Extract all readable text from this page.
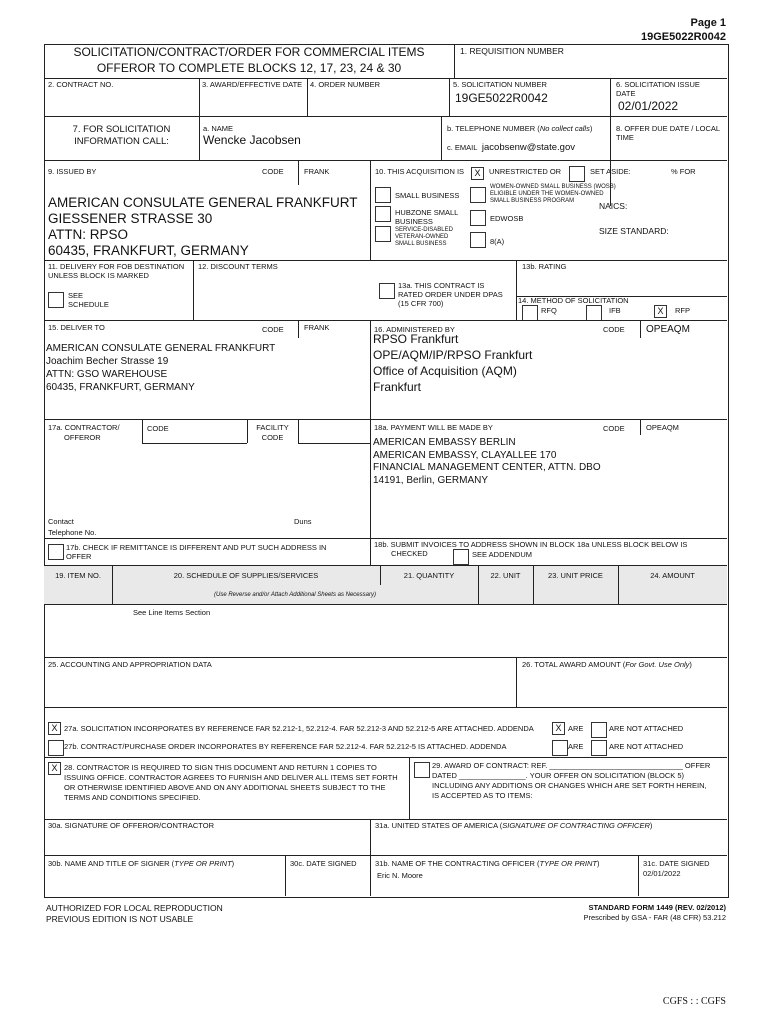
Page 1
19GE5022R0042
SOLICITATION/CONTRACT/ORDER FOR COMMERCIAL ITEMS
OFFEROR TO COMPLETE BLOCKS 12, 17, 23, 24 & 30
1. REQUISITION NUMBER
2. CONTRACT NO.	3. AWARD/EFFECTIVE DATE 4. ORDER NUMBER	5. SOLICITATION NUMBER
19GE5022R0042
6. SOLICITATION ISSUE
DATE
02/01/2022
7. FOR SOLICITATION
INFORMATION CALL:
a. NAME
Wencke Jacobsen
b. TELEPHONE NUMBER (No collect calls)
c. EMAIL jacobsenw@state.gov
8. OFFER DUE DATE / LOCAL
TIME
9. ISSUED BY	CODE	FRANK
AMERICAN CONSULATE GENERAL FRANKFURT
GIESSENER STRASSE 30
ATTN: RPSO
60435, FRANKFURT, GERMANY
10. THIS ACQUISITION IS	X	UNRESTRICTED OR	SET ASIDE:	% FOR
SMALL BUSINESS
WOMEN-OWNED SMALL BUSINESS (WOSB)
ELIGIBLE UNDER THE WOMEN-OWNED
SMALL BUSINESS PROGRAM	NAICS:
HUBZONE SMALL
BUSINESS	EDWOSB
SERVICE-DISABLED
VETERAN-OWNED
SMALL BUSINESS
SIZE STANDARD:
8(A)
11. DELIVERY FOR FOB DESTINATION
UNLESS BLOCK IS MARKED
SEE
SCHEDULE
12. DISCOUNT TERMS
13a. THIS CONTRACT IS
RATED ORDER UNDER DPAS
(15 CFR 700)
13b. RATING
14. METHOD OF SOLICITATION
RFQ	IFB	X	RFP
15. DELIVER TO	CODE	FRANK
AMERICAN CONSULATE GENERAL FRANKFURT
Joachim Becher Strasse 19
ATTN: GSO WAREHOUSE
60435, FRANKFURT, GERMANY
16. ADMINISTERED BY	CODE OPEAQM
RPSO Frankfurt
OPE/AQM/IP/RPSO Frankfurt
Office of Acquisition (AQM)
Frankfurt
17a. CONTRACTOR/
OFFEROR
CODE	FACILITY
CODE
Contact	Duns
Telephone No.
18a. PAYMENT WILL BE MADE BY	CODE	OPEAQM
AMERICAN EMBASSY BERLIN
AMERICAN EMBASSY, CLAYALLEE 170
FINANCIAL MANAGEMENT CENTER, ATTN. DBO
14191, Berlin, GERMANY
17b. CHECK IF REMITTANCE IS DIFFERENT AND PUT SUCH ADDRESS IN
OFFER
18b. SUBMIT INVOICES TO ADDRESS SHOWN IN BLOCK 18a UNLESS BLOCK BELOW IS
CHECKED	SEE ADDENDUM
19. ITEM NO.	20. SCHEDULE OF SUPPLIES/SERVICES	21. QUANTITY	22. UNIT	23. UNIT PRICE	24. AMOUNT
(Use Reverse and/or Attach Additional Sheets as Necessary)
See Line Items Section
25. ACCOUNTING AND APPROPRIATION DATA	26. TOTAL AWARD AMOUNT (For Govt. Use Only)
X 27a. SOLICITATION INCORPORATES BY REFERENCE FAR 52.212-1, 52.212-4. FAR 52.212-3 AND 52.212-5 ARE ATTACHED. ADDENDA	X ARE	ARE NOT ATTACHED
27b. CONTRACT/PURCHASE ORDER INCORPORATES BY REFERENCE FAR 52.212-4. FAR 52.212-5 IS ATTACHED. ADDENDA	ARE	ARE NOT ATTACHED
X 28. CONTRACTOR IS REQUIRED TO SIGN THIS DOCUMENT AND RETURN 1 COPIES TO
ISSUING OFFICE. CONTRACTOR AGREES TO FURNISH AND DELIVER ALL ITEMS SET FORTH
OR OTHERWISE IDENTIFIED ABOVE AND ON ANY ADDITIONAL SHEETS SUBJECT TO THE
TERMS AND CONDITIONS SPECIFIED.
29. AWARD OF CONTRACT: REF. ________________________________ OFFER
DATED ________________. YOUR OFFER ON SOLICITATION (BLOCK 5)
INCLUDING ANY ADDITIONS OR CHANGES WHICH ARE SET FORTH HEREIN,
IS ACCEPTED AS TO ITEMS:
30a. SIGNATURE OF OFFEROR/CONTRACTOR	31a. UNITED STATES OF AMERICA (SIGNATURE OF CONTRACTING OFFICER)
30b. NAME AND TITLE OF SIGNER (TYPE OR PRINT)	30c. DATE SIGNED 31b. NAME OF THE CONTRACTING OFFICER (TYPE OR PRINT)
Eric N. Moore
31c. DATE SIGNED
02/01/2022
AUTHORIZED FOR LOCAL REPRODUCTION
PREVIOUS EDITION IS NOT USABLE
STANDARD FORM 1449 (REV. 02/2012)
Prescribed by GSA - FAR (48 CFR) 53.212
CGFS : : CGFS
